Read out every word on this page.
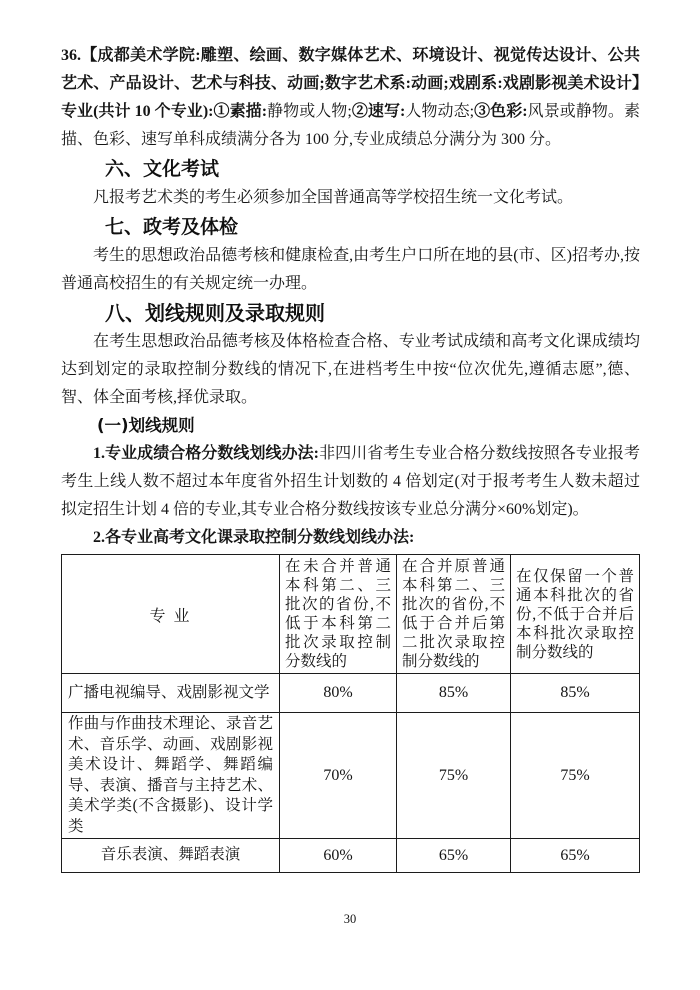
36.【成都美术学院:雕塑、绘画、数字媒体艺术、环境设计、视觉传达设计、公共艺术、产品设计、艺术与科技、动画;数字艺术系:动画;戏剧系:戏剧影视美术设计】专业(共计 10 个专业):①素描:静物或人物;②速写:人物动态;③色彩:风景或静物。素描、色彩、速写单科成绩满分各为 100 分,专业成绩总分满分为 300 分。

六、文化考试

凡报考艺术类的考生必须参加全国普通高等学校招生统一文化考试。

七、政考及体检

考生的思想政治品德考核和健康检查,由考生户口所在地的县(市、区)招考办,按普通高校招生的有关规定统一办理。

八、划线规则及录取规则

在考生思想政治品德考核及体格检查合格、专业考试成绩和高考文化课成绩均达到划定的录取控制分数线的情况下,在进档考生中按“位次优先,遵循志愿”,德、智、体全面考核,择优录取。

(一)划线规则

1.专业成绩合格分数线划线办法:非四川省考生专业合格分数线按照各专业报考考生上线人数不超过本年度省外招生计划数的 4 倍划定(对于报考考生人数未超过拟定招生计划 4 倍的专业,其专业合格分数线按该专业总分满分×60%划定)。

2.各专业高考文化课录取控制分数线划线办法:

专 业	在未合并普通本科第二、三批次的省份,不低于本科第二批次录取控制分数线的	在合并原普通本科第二、三批次的省份,不低于合并后第二批次录取控制分数线的	在仅保留一个普通本科批次的省份,不低于合并后本科批次录取控制分数线的
广播电视编导、戏剧影视文学	80%	85%	85%
作曲与作曲技术理论、录音艺术、音乐学、动画、戏剧影视美术设计、舞蹈学、舞蹈编导、表演、播音与主持艺术、美术学类(不含摄影)、设计学类	70%	75%	75%
音乐表演、舞蹈表演	60%	65%	65%
30
